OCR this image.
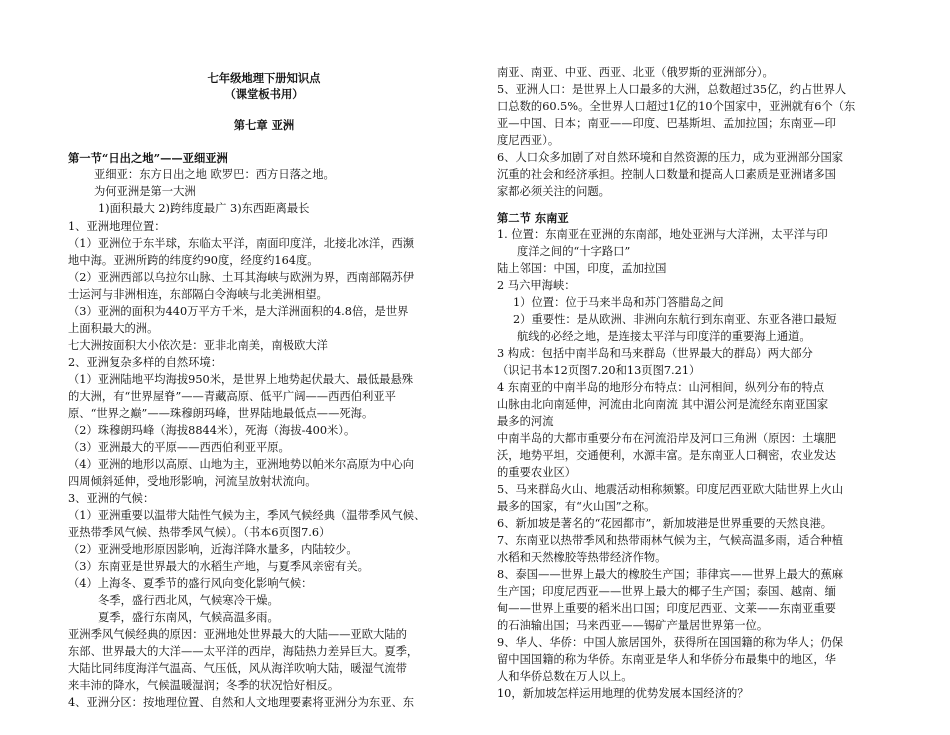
七年级地理下册知识点
（课堂板书用）
第七章 亚洲
第一节“日出之地”——亚细亚洲
亚细亚：东方日出之地 欧罗巴：西方日落之地。
为何亚洲是第一大洲
1)面积最大 2)跨纬度最广 3)东西距离最长
1、亚洲地理位置：
（1）亚洲位于东半球，东临太平洋，南面印度洋，北接北冰洋，西濒
地中海。亚洲所跨的纬度约90度，经度约164度。
（2）亚洲西部以乌拉尔山脉、土耳其海峡与欧洲为界，西南部隔苏伊
士运河与非洲相连，东部隔白令海峡与北美洲相望。
（3）亚洲的面积为440万平方千米，是大洋洲面积的4.8倍，是世界
上面积最大的洲。
七大洲按面积大小依次是：亚非北南美，南极欧大洋
2、亚洲复杂多样的自然环境：
（1）亚洲陆地平均海拔950米，是世界上地势起伏最大、最低最悬殊
的大洲，有“世界屋脊”——青藏高原、低平广阔——西西伯利亚平
原、“世界之巅”——珠穆朗玛峰，世界陆地最低点——死海。
（2）珠穆朗玛峰（海拔8844米），死海（海拔-400米）。
（3）亚洲最大的平原——西西伯利亚平原。
（4）亚洲的地形以高原、山地为主，亚洲地势以帕米尔高原为中心向
四周倾斜延伸，受地形影响，河流呈放射状流向。
3、亚洲的气候：
（1）亚洲重要以温带大陆性气候为主，季风气候经典（温带季风气候、
亚热带季风气候、热带季风气候）。（书本6页图7.6）
（2）亚洲受地形原因影响，近海洋降水量多，内陆较少。
（3）东南亚是世界最大的水稻生产地，与夏季风亲密有关。
（4）上海冬、夏季节的盛行风向变化影响气候：
冬季，盛行西北风，气候寒冷干燥。
夏季，盛行东南风，气候高温多雨。
亚洲季风气候经典的原因：亚洲地处世界最大的大陆——亚欧大陆的
东部、世界最大的大洋——太平洋的西岸，海陆热力差异巨大。夏季，
大陆比同纬度海洋气温高、气压低，风从海洋吹响大陆，暖湿气流带
来丰沛的降水，气候温暖湿润；冬季的状况恰好相反。
4、亚洲分区：按地理位置、自然和人文地理要素将亚洲分为东亚、东
南亚、南亚、中亚、西亚、北亚（俄罗斯的亚洲部分）。
5、亚洲人口：是世界上人口最多的大洲，总数超过35亿，约占世界人
口总数的60.5%。全世界人口超过1亿的10个国家中，亚洲就有6个（东
亚—中国、日本；南亚——印度、巴基斯坦、孟加拉国；东南亚—印
度尼西亚）。
6、人口众多加剧了对自然环境和自然资源的压力，成为亚洲部分国家
沉重的社会和经济承担。控制人口数量和提高人口素质是亚洲诸多国
家都必须关注的问题。
第二节 东南亚
1. 位置：东南亚在亚洲的东南部，地处亚洲与大洋洲，太平洋与印
度洋之间的“十字路口”
陆上邻国：中国，印度，孟加拉国
2 马六甲海峡：
1）位置：位于马来半岛和苏门答腊岛之间
2）重要性：是从欧洲、非洲向东航行到东南亚、东亚各港口最短
航线的必经之地，是连接太平洋与印度洋的重要海上通道。
3 构成：包括中南半岛和马来群岛（世界最大的群岛）两大部分
（识记书本12页图7.20和13页图7.21）
4 东南亚的中南半岛的地形分布特点：山河相间，纵列分布的特点
山脉由北向南延伸，河流由北向南流 其中湄公河是流经东南亚国家
最多的河流
中南半岛的大都市重要分布在河流沿岸及河口三角洲（原因：土壤肥
沃，地势平坦，交通便利，水源丰富。是东南亚人口稠密，农业发达
的重要农业区）
5、马来群岛火山、地震活动相称频繁。印度尼西亚欧大陆世界上火山
最多的国家，有“火山国”之称。
6、新加坡是著名的“花园都市”，新加坡港是世界重要的天然良港。
7、东南亚以热带季风和热带雨林气候为主，气候高温多雨，适合种植
水稻和天然橡胶等热带经济作物。
8、泰国——世界上最大的橡胶生产国；菲律宾——世界上最大的蕉麻
生产国；印度尼西亚——世界上最大的椰子生产国；泰国、越南、缅
甸——世界上重要的稻米出口国；印度尼西亚、文莱——东南亚重要
的石油输出国；马来西亚——锡矿产量居世界第一位。
9、华人、华侨：中国人旅居国外，获得所在国国籍的称为华人；仍保
留中国国籍的称为华侨。东南亚是华人和华侨分布最集中的地区，华
人和华侨总数在万人以上。
10，新加坡怎样运用地理的优势发展本国经济的？
